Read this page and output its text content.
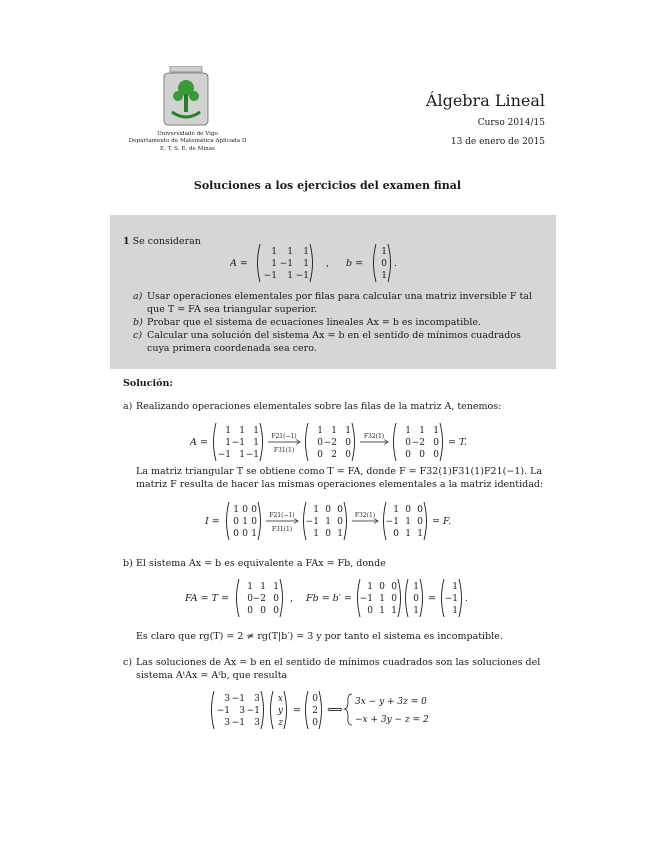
Universidade de Vigo
Departamento de Matemática Aplicada II
E. T. S. E. de Minas
Álgebra Lineal
Curso 2014/15
13 de enero de 2015
Soluciones a los ejercicios del examen final
1 Se consideran
A =
1 1 1
1 −1 1
−1 1 −1
, b =
1
0
1
.
a) Usar operaciones elementales por filas para calcular una matriz inversible F tal que T = FA sea triangular superior.
b) Probar que el sistema de ecuaciones lineales Ax = b es incompatible.
c) Calcular una solución del sistema Ax = b en el sentido de mínimos cuadrados cuya primera coordenada sea cero.
Solución:
a) Realizando operaciones elementales sobre las filas de la matriz A, tenemos:
A =
1 1 1
1 −1 1
−1 1 −1
F21(−1)
F31(1)
1 1 1
0 −2 0
0 2 0
F32(1)
1 1 1
0 −2 0
0 0 0
= T.
La matriz triangular T se obtiene como T = FA, donde F = F32(1)F31(1)F21(−1). La matriz F resulta de hacer las mismas operaciones elementales a la matriz identidad:
I =
1 0 0
0 1 0
0 0 1
F21(−1)
F31(1)
1 0 0
−1 1 0
1 0 1
F32(1)
1 0 0
−1 1 0
0 1 1
= F.
b) El sistema Ax = b es equivalente a FAx = Fb, donde
FA = T =
1 1 1
0 −2 0
0 0 0
, Fb = b′ =
1 0 0
−1 1 0
0 1 1
1
0
1
=
1
−1
1
.
Es claro que rg(T) = 2 ≠ rg(T|b′) = 3 y por tanto el sistema es incompatible.
c) Las soluciones de Ax = b en el sentido de mínimos cuadrados son las soluciones del sistema AᵗAx = Aᵗb, que resulta
3 −1 3
−1 3 −1
3 −1 3
x
y
z
=
0
2
0
⟺
3x − y + 3z = 0
−x + 3y − z = 2
